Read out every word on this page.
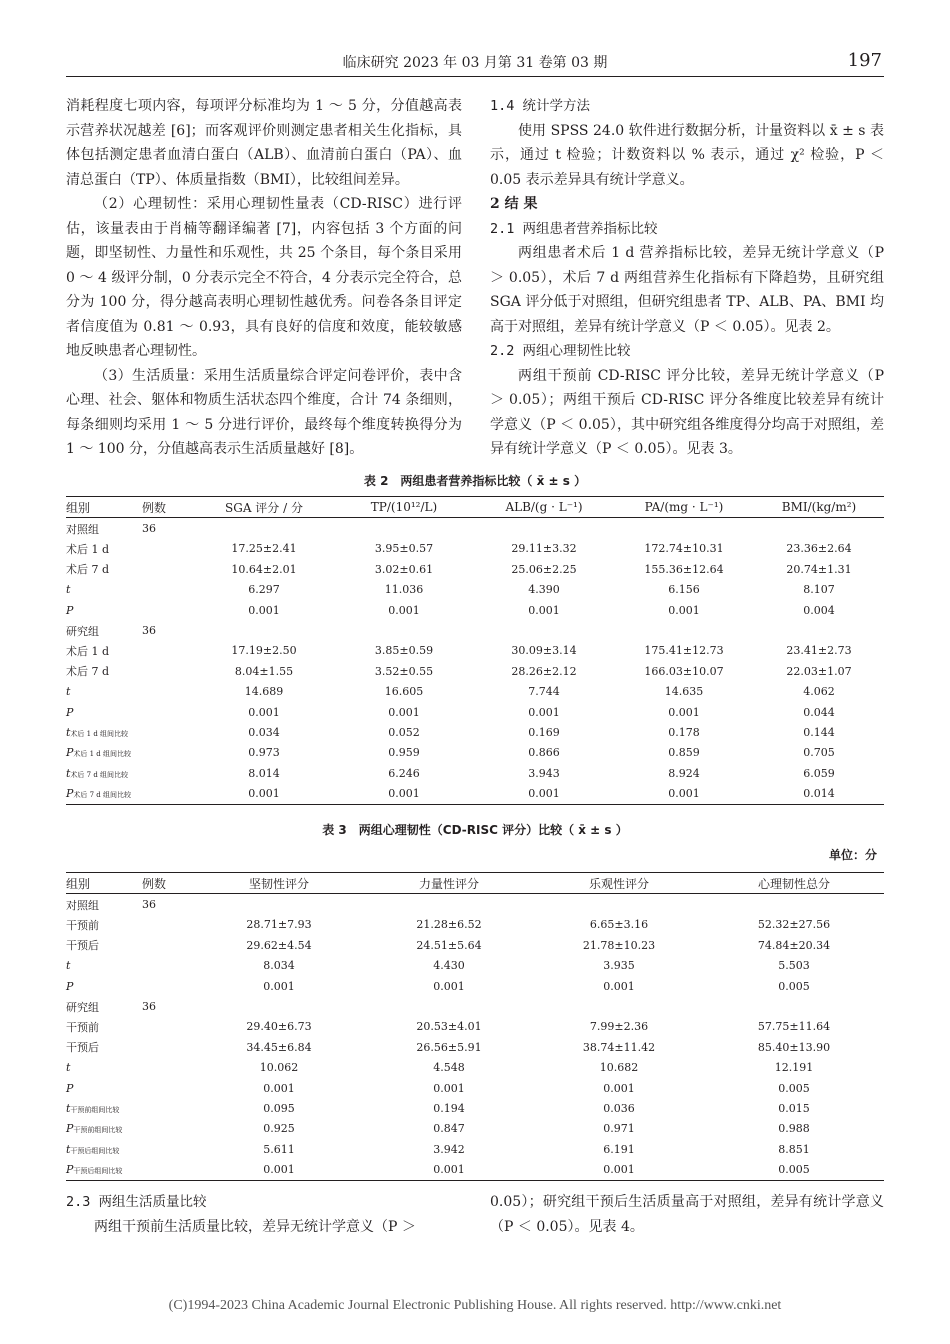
临床研究 2023 年 03 月第 31 卷第 03 期	197

消耗程度七项内容，每项评分标准均为 1 ～ 5 分，分值越高表示营养状况越差 [6]；而客观评价则测定患者相关生化指标，具体包括测定患者血清白蛋白（ALB）、血清前白蛋白（PA）、血清总蛋白（TP）、体质量指数（BMI），比较组间差异。

（2）心理韧性：采用心理韧性量表（CD-RISC）进行评估，该量表由于肖楠等翻译编著 [7]，内容包括 3 个方面的问题，即坚韧性、力量性和乐观性，共 25 个条目，每个条目采用 0 ～ 4 级评分制，0 分表示完全不符合，4 分表示完全符合，总分为 100 分，得分越高表明心理韧性越优秀。问卷各条目评定者信度值为 0.81 ～ 0.93，具有良好的信度和效度，能较敏感地反映患者心理韧性。

（3）生活质量：采用生活质量综合评定问卷评价，表中含心理、社会、躯体和物质生活状态四个维度，合计 74 条细则，每条细则均采用 1 ～ 5 分进行评价，最终每个维度转换得分为 1 ～ 100 分，分值越高表示生活质量越好 [8]。

1.4 统计学方法

使用 SPSS 24.0 软件进行数据分析，计量资料以 x̄ ± s 表示，通过 t 检验；计数资料以 % 表示，通过 χ² 检验，P ＜ 0.05 表示差异具有统计学意义。

2 结 果

2.1 两组患者营养指标比较

两组患者术后 1 d 营养指标比较，差异无统计学意义（P ＞ 0.05），术后 7 d 两组营养生化指标有下降趋势，且研究组 SGA 评分低于对照组，但研究组患者 TP、ALB、PA、BMI 均高于对照组，差异有统计学意义（P ＜ 0.05）。见表 2。

2.2 两组心理韧性比较

两组干预前 CD-RISC 评分比较，差异无统计学意义（P ＞ 0.05）；两组干预后 CD-RISC 评分各维度比较差异有统计学意义（P ＜ 0.05），其中研究组各维度得分均高于对照组，差异有统计学意义（P ＜ 0.05）。见表 3。

表 2　两组患者营养指标比较（ x̄ ± s ）
组别	例数	SGA 评分 / 分	TP/(10¹²/L)	ALB/(g · L⁻¹)	PA/(mg · L⁻¹)	BMI/(kg/m²)
对照组	36					
术后 1 d		17.25±2.41	3.95±0.57	29.11±3.32	172.74±10.31	23.36±2.64
术后 7 d		10.64±2.01	3.02±0.61	25.06±2.25	155.36±12.64	20.74±1.31
t		6.297	11.036	4.390	6.156	8.107
P		0.001	0.001	0.001	0.001	0.004
研究组	36					
术后 1 d		17.19±2.50	3.85±0.59	30.09±3.14	175.41±12.73	23.41±2.73
术后 7 d		8.04±1.55	3.52±0.55	28.26±2.12	166.03±10.07	22.03±1.07
t		14.689	16.605	7.744	14.635	4.062
P		0.001	0.001	0.001	0.001	0.044
t术后 1 d 组间比较		0.034	0.052	0.169	0.178	0.144
P术后 1 d 组间比较		0.973	0.959	0.866	0.859	0.705
t术后 7 d 组间比较		8.014	6.246	3.943	8.924	6.059
P术后 7 d 组间比较		0.001	0.001	0.001	0.001	0.014
表 3　两组心理韧性（CD-RISC 评分）比较（ x̄ ± s ）
单位：分
组别	例数	坚韧性评分	力量性评分	乐观性评分	心理韧性总分
对照组	36				
干预前		28.71±7.93	21.28±6.52	6.65±3.16	52.32±27.56
干预后		29.62±4.54	24.51±5.64	21.78±10.23	74.84±20.34
t		8.034	4.430	3.935	5.503
P		0.001	0.001	0.001	0.005
研究组	36				
干预前		29.40±6.73	20.53±4.01	7.99±2.36	57.75±11.64
干预后		34.45±6.84	26.56±5.91	38.74±11.42	85.40±13.90
t		10.062	4.548	10.682	12.191
P		0.001	0.001	0.001	0.005
t干预前组间比较		0.095	0.194	0.036	0.015
P干预前组间比较		0.925	0.847	0.971	0.988
t干预后组间比较		5.611	3.942	6.191	8.851
P干预后组间比较		0.001	0.001	0.001	0.005

2.3 两组生活质量比较

两组干预前生活质量比较，差异无统计学意义（P ＞

0.05）；研究组干预后生活质量高于对照组，差异有统计学意义（P ＜ 0.05）。见表 4。

(C)1994-2023 China Academic Journal Electronic Publishing House. All rights reserved. http://www.cnki.net
